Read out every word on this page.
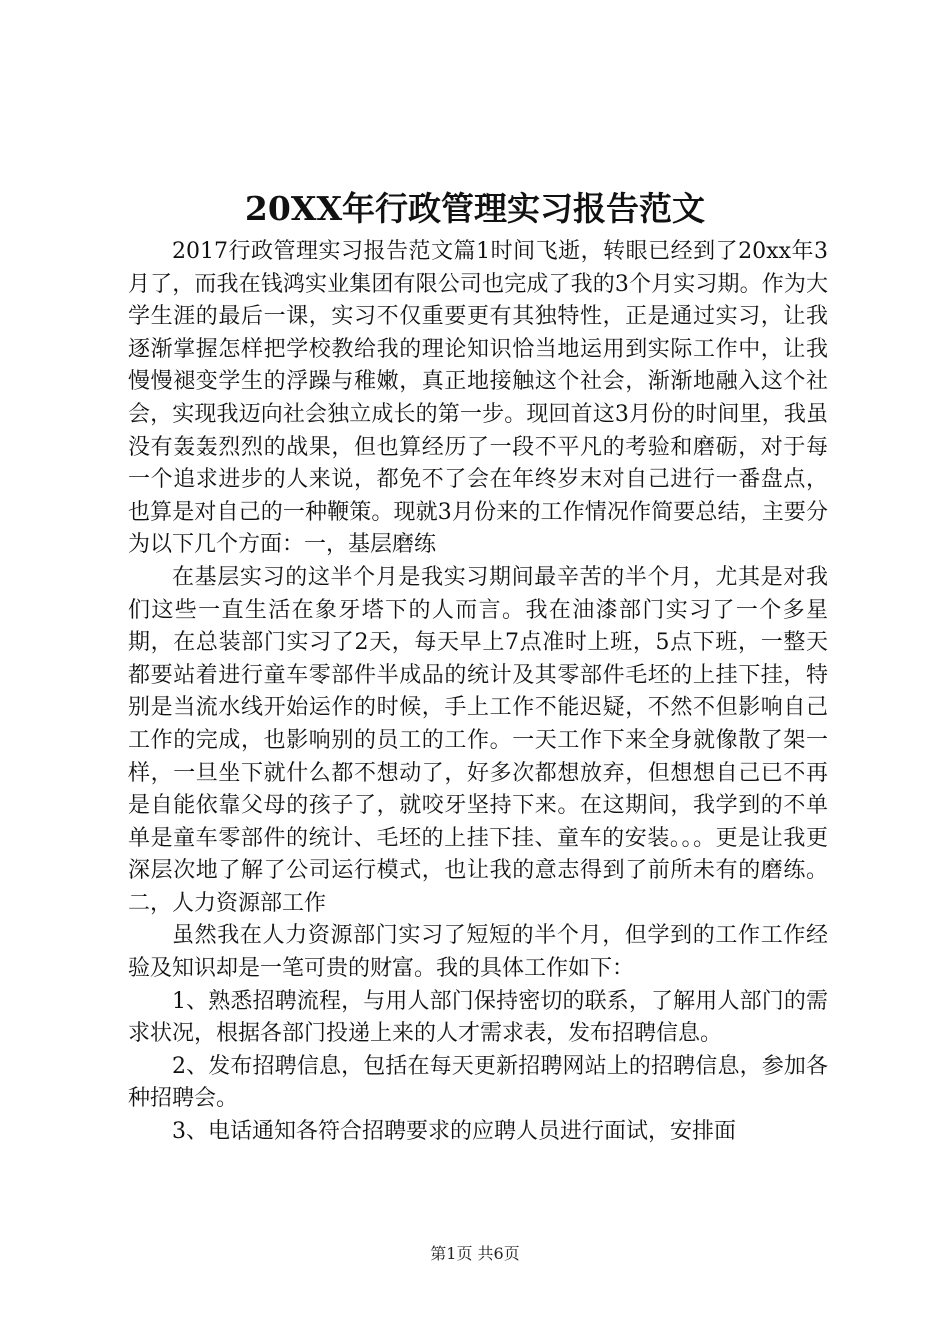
20XX年行政管理实习报告范文

2017行政管理实习报告范文篇1时间飞逝，转眼已经到了20xx年3月了，而我在钱鸿实业集团有限公司也完成了我的3个月实习期。作为大学生涯的最后一课，实习不仅重要更有其独特性，正是通过实习，让我逐渐掌握怎样把学校教给我的理论知识恰当地运用到实际工作中，让我慢慢褪变学生的浮躁与稚嫩，真正地接触这个社会，渐渐地融入这个社会，实现我迈向社会独立成长的第一步。现回首这3月份的时间里，我虽没有轰轰烈烈的战果，但也算经历了一段不平凡的考验和磨砺，对于每一个追求进步的人来说，都免不了会在年终岁末对自己进行一番盘点，也算是对自己的一种鞭策。现就3月份来的工作情况作简要总结，主要分为以下几个方面：一，基层磨练

在基层实习的这半个月是我实习期间最辛苦的半个月，尤其是对我们这些一直生活在象牙塔下的人而言。我在油漆部门实习了一个多星期，在总装部门实习了2天，每天早上7点准时上班，5点下班，一整天都要站着进行童车零部件半成品的统计及其零部件毛坯的上挂下挂，特别是当流水线开始运作的时候，手上工作不能迟疑，不然不但影响自己工作的完成，也影响别的员工的工作。一天工作下来全身就像散了架一样，一旦坐下就什么都不想动了，好多次都想放弃，但想想自己已不再是自能依靠父母的孩子了，就咬牙坚持下来。在这期间，我学到的不单单是童车零部件的统计、毛坯的上挂下挂、童车的安装。。。更是让我更深层次地了解了公司运行模式，也让我的意志得到了前所未有的磨练。二，人力资源部工作

虽然我在人力资源部门实习了短短的半个月，但学到的工作工作经验及知识却是一笔可贵的财富。我的具体工作如下：

1、熟悉招聘流程，与用人部门保持密切的联系，了解用人部门的需求状况，根据各部门投递上来的人才需求表，发布招聘信息。

2、发布招聘信息，包括在每天更新招聘网站上的招聘信息，参加各种招聘会。

3、电话通知各符合招聘要求的应聘人员进行面试，安排面

第1页 共6页
